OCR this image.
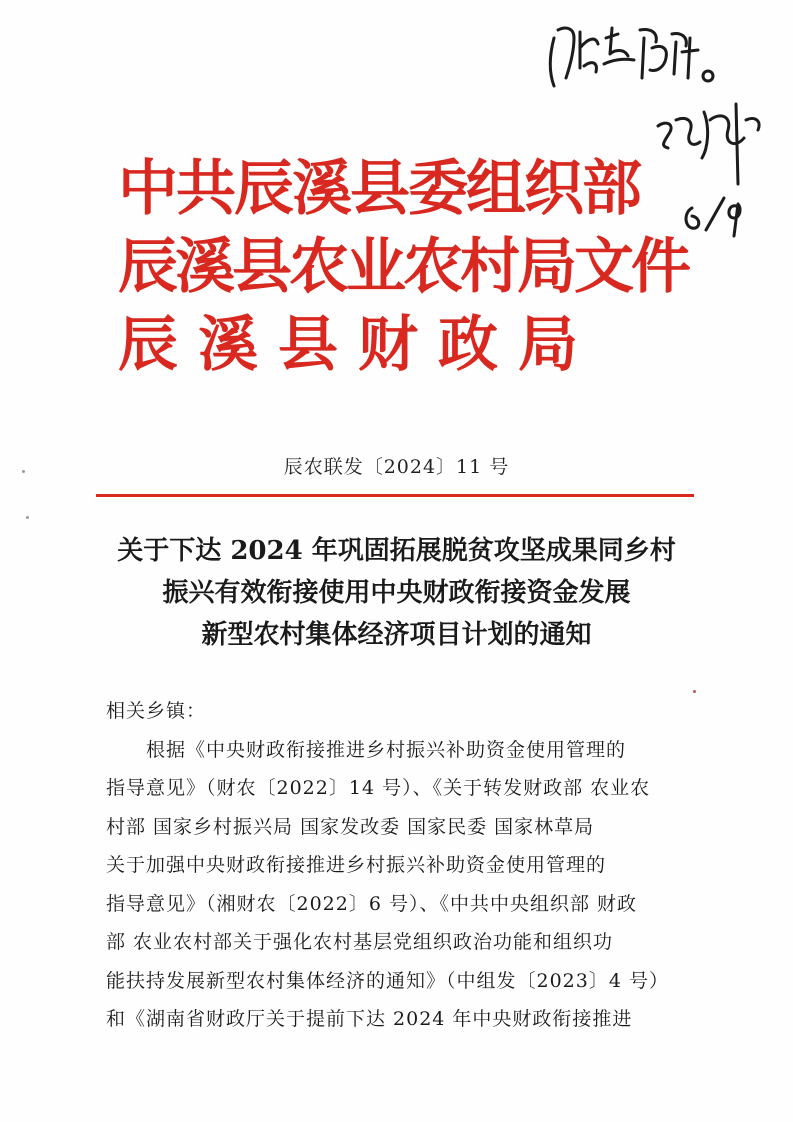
中共辰溪县委组织部
辰溪县农业农村局文件
辰溪县财政局
辰农联发〔2024〕11 号
关于下达 2024 年巩固拓展脱贫攻坚成果同乡村
振兴有效衔接使用中央财政衔接资金发展
新型农村集体经济项目计划的通知
相关乡镇：
根据《中央财政衔接推进乡村振兴补助资金使用管理的
指导意见》（财农〔2022〕14 号）、《关于转发财政部 农业农
村部 国家乡村振兴局 国家发改委 国家民委 国家林草局
关于加强中央财政衔接推进乡村振兴补助资金使用管理的
指导意见》（湘财农〔2022〕6 号）、《中共中央组织部 财政
部 农业农村部关于强化农村基层党组织政治功能和组织功
能扶持发展新型农村集体经济的通知》（中组发〔2023〕4 号）
和《湖南省财政厅关于提前下达 2024 年中央财政衔接推进
